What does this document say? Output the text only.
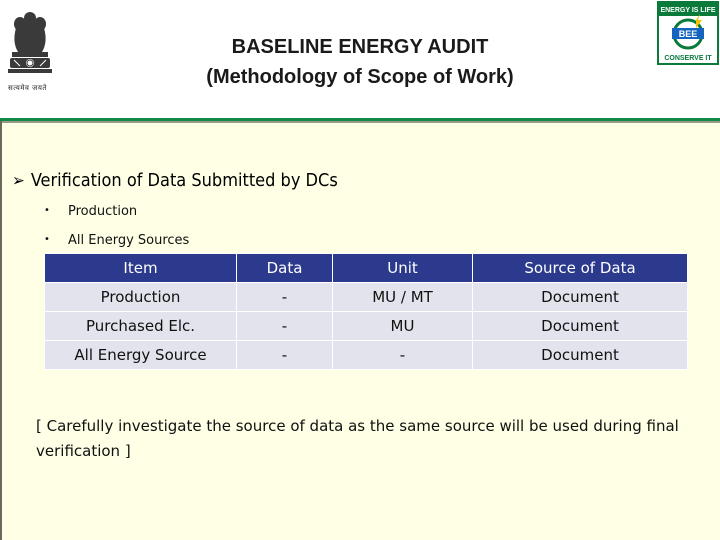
सत्यमेव जयते
ENERGY IS LIFE
BEE
CONSERVE IT
BASELINE ENERGY AUDIT
(Methodology of Scope of Work)
➢ Verification of Data Submitted by DCs
• Production
• All Energy Sources
Item	Data	Unit	Source of Data
Production	-	MU / MT	Document
Purchased Elc.	-	MU	Document
All Energy Source	-	-	Document
[ Carefully investigate the source of data as the same source will be used during final verification ]
